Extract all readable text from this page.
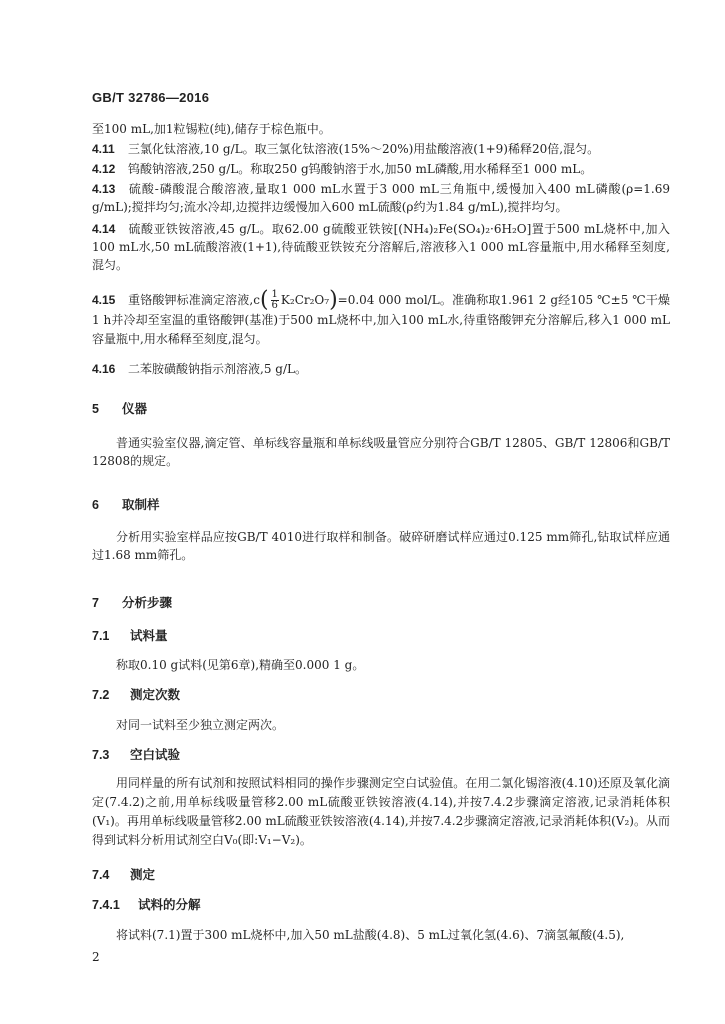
GB/T 32786—2016

至100 mL,加1粒锡粒(纯),储存于棕色瓶中。

4.11 三氯化钛溶液,10 g/L。取三氯化钛溶液(15%～20%)用盐酸溶液(1+9)稀释20倍,混匀。

4.12 钨酸钠溶液,250 g/L。称取250 g钨酸钠溶于水,加50 mL磷酸,用水稀释至1 000 mL。

4.13 硫酸-磷酸混合酸溶液,量取1 000 mL水置于3 000 mL三角瓶中,缓慢加入400 mL磷酸(ρ=1.69 g/mL);搅拌均匀;流水冷却,边搅拌边缓慢加入600 mL硫酸(ρ约为1.84 g/mL),搅拌均匀。

4.14 硫酸亚铁铵溶液,45 g/L。取62.00 g硫酸亚铁铵[(NH₄)₂Fe(SO₄)₂·6H₂O]置于500 mL烧杯中,加入100 mL水,50 mL硫酸溶液(1+1),待硫酸亚铁铵充分溶解后,溶液移入1 000 mL容量瓶中,用水稀释至刻度,混匀。

4.15 重铬酸钾标准滴定溶液$,c( \frac{1}{6} K_2Cr_2O_7)=0.04$ 000 mol/L。准确称取1.961 2 g经105 ℃±5 ℃干燥1 h并冷却至室温的重铬酸钾(基准)于500 mL烧杯中,加入100 mL水,待重铬酸钾充分溶解后,移入1 000 mL容量瓶中,用水稀释至刻度,混匀。

4.16 二苯胺磺酸钠指示剂溶液,5 g/L。

5 仪器

普通实验室仪器,滴定管、单标线容量瓶和单标线吸量管应分别符合GB/T 12805、GB/T 12806和GB/T 12808的规定。

6 取制样

分析用实验室样品应按GB/T 4010进行取样和制备。破碎研磨试样应通过0.125 mm筛孔,钻取试样应通过1.68 mm筛孔。

7 分析步骤

7.1 试料量

称取0.10 g试料(见第6章),精确至0.000 1 g。

7.2 测定次数

对同一试料至少独立测定两次。

7.3 空白试验

用同样量的所有试剂和按照试料相同的操作步骤测定空白试验值。在用二氯化锡溶液(4.10)还原及氧化滴定(7.4.2)之前,用单标线吸量管移2.00 mL硫酸亚铁铵溶液(4.14),并按7.4.2步骤滴定溶液,记录消耗体积(V₁)。再用单标线吸量管移2.00 mL硫酸亚铁铵溶液(4.14),并按7.4.2步骤滴定溶液,记录消耗体积(V₂)。从而得到试料分析用试剂空白V₀(即:V₁−V₂)。

7.4 测定

7.4.1 试料的分解

将试料(7.1)置于300 mL烧杯中,加入50 mL盐酸(4.8)、5 mL过氧化氢(4.6)、7滴氢氟酸(4.5),

2
